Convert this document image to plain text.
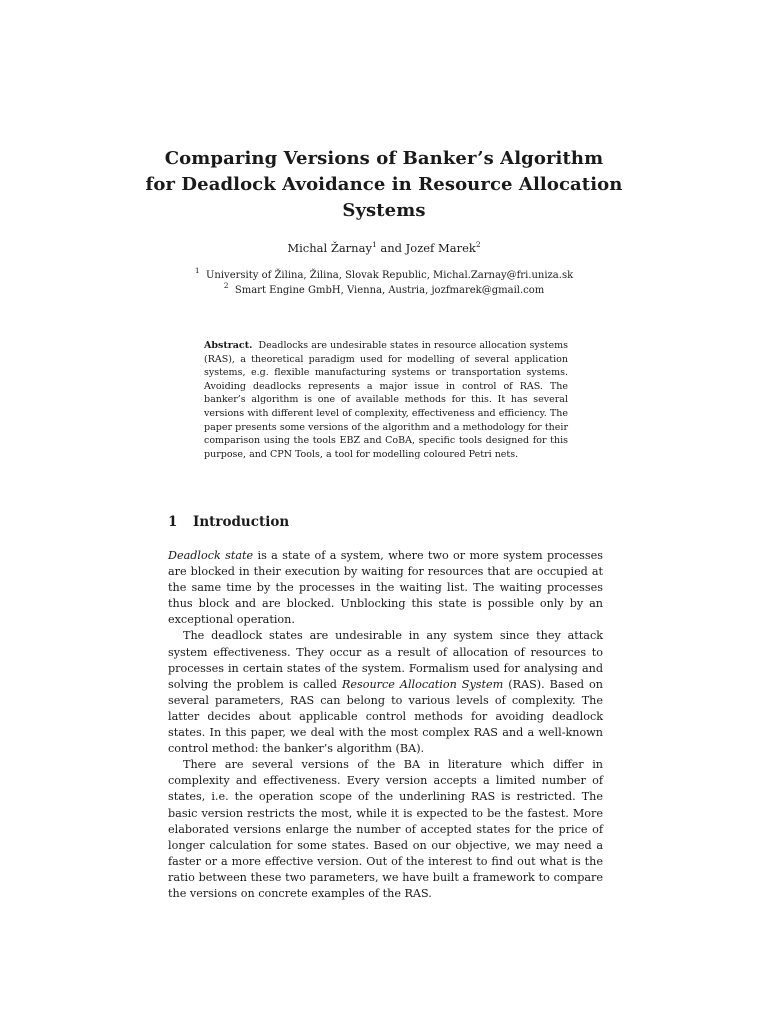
Comparing Versions of Banker’s Algorithm
for Deadlock Avoidance in Resource Allocation
Systems
Michal Žarnay$^1$ and Jozef Marek$^2$
$^1$ University of Žilina, Žilina, Slovak Republic, Michal.Zarnay@fri.uniza.sk
$^2$ Smart Engine GmbH, Vienna, Austria, jozfmarek@gmail.com
Abstract. Deadlocks are undesirable states in resource allocation systems (RAS), a theoretical paradigm used for modelling of several application systems, e.g. flexible manufacturing systems or transportation systems. Avoiding deadlocks represents a major issue in control of RAS. The banker’s algorithm is one of available methods for this. It has several versions with different level of complexity, effectiveness and efficiency. The paper presents some versions of the algorithm and a methodology for their comparison using the tools EBZ and CoBA, specific tools designed for this purpose, and CPN Tools, a tool for modelling coloured Petri nets.
1 Introduction

Deadlock state is a state of a system, where two or more system processes are blocked in their execution by waiting for resources that are occupied at the same time by the processes in the waiting list. The waiting processes thus block and are blocked. Unblocking this state is possible only by an exceptional operation.

The deadlock states are undesirable in any system since they attack system effectiveness. They occur as a result of allocation of resources to processes in certain states of the system. Formalism used for analysing and solving the problem is called Resource Allocation System (RAS). Based on several parameters, RAS can belong to various levels of complexity. The latter decides about applicable control methods for avoiding deadlock states. In this paper, we deal with the most complex RAS and a well-known control method: the banker’s algorithm (BA).

There are several versions of the BA in literature which differ in complexity and effectiveness. Every version accepts a limited number of states, i.e. the operation scope of the underlining RAS is restricted. The basic version restricts the most, while it is expected to be the fastest. More elaborated versions enlarge the number of accepted states for the price of longer calculation for some states. Based on our objective, we may need a faster or a more effective version. Out of the interest to find out what is the ratio between these two parameters, we have built a framework to compare the versions on concrete examples of the RAS.
